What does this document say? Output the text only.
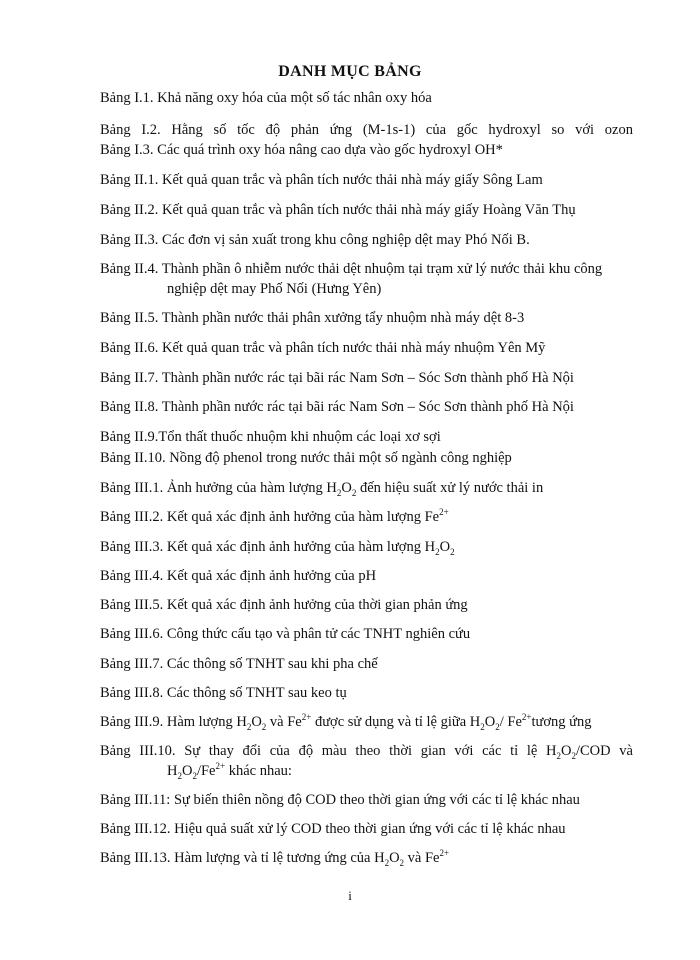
DANH MỤC BẢNG
Bảng I.1. Khả năng oxy hóa của một số tác nhân oxy hóa
Bảng I.2. Hằng số tốc độ phản ứng (M-1s-1) của gốc hydroxyl so với ozon
Bảng I.3. Các quá trình oxy hóa nâng cao dựa vào gốc hydroxyl OH*
Bảng II.1. Kết quả quan trắc và phân tích nước thải nhà máy giấy Sông Lam
Bảng II.2. Kết quả quan trắc và phân tích nước thải nhà máy giấy Hoàng Văn Thụ
Bảng II.3. Các đơn vị sản xuất trong khu công nghiệp dệt may Phó Nối B.
Bảng II.4. Thành phần ô nhiễm nước thải dệt nhuộm tại trạm xử lý nước thải khu công
nghiệp dệt may Phố Nối (Hưng Yên)
Bảng II.5. Thành phần nước thải phân xưởng tẩy nhuộm nhà máy dệt 8-3
Bảng II.6. Kết quả quan trắc và phân tích nước thải nhà máy nhuộm Yên Mỹ
Bảng II.7. Thành phần nước rác tại bãi rác Nam Sơn – Sóc Sơn thành phố Hà Nội
Bảng II.8. Thành phần nước rác tại bãi rác Nam Sơn – Sóc Sơn thành phố Hà Nội
Bảng II.9.Tổn thất thuốc nhuộm khi nhuộm các loại xơ sợi
Bảng II.10. Nồng độ phenol trong nước thải một số ngành công nghiệp
Bảng III.1. Ảnh hưởng của hàm lượng $H_2O_2$ đến hiệu suất xử lý nước thải in
Bảng III.2. Kết quả xác định ảnh hưởng của hàm lượng $Fe^{2+}$
Bảng III.3. Kết quả xác định ảnh hưởng của hàm lượng $H_2O_2$
Bảng III.4. Kết quả xác định ảnh hưởng của pH
Bảng III.5. Kết quả xác định ảnh hưởng của thời gian phản ứng
Bảng III.6. Công thức cấu tạo và phân tử các TNHT nghiên cứu
Bảng III.7. Các thông số TNHT sau khi pha chế
Bảng III.8. Các thông số TNHT sau keo tụ
Bảng III.9. Hàm lượng $H_2O_2$ và $Fe^{2+}$ được sử dụng và tỉ lệ giữa $H_2O_2/$ $Fe^{2+}tương$ ứng
Bảng III.10. Sự thay đổi của độ màu theo thời gian với các tỉ lệ $H_2O_2$/COD và
$H_2O_2/Fe^{2+}$ khác nhau:
Bảng III.11: Sự biến thiên nồng độ COD theo thời gian ứng với các tỉ lệ khác nhau
Bảng III.12. Hiệu quả suất xử lý COD theo thời gian ứng với các tỉ lệ khác nhau
Bảng III.13. Hàm lượng và tỉ lệ tương ứng của $H_2O_2$ và $Fe^{2+}$
i
